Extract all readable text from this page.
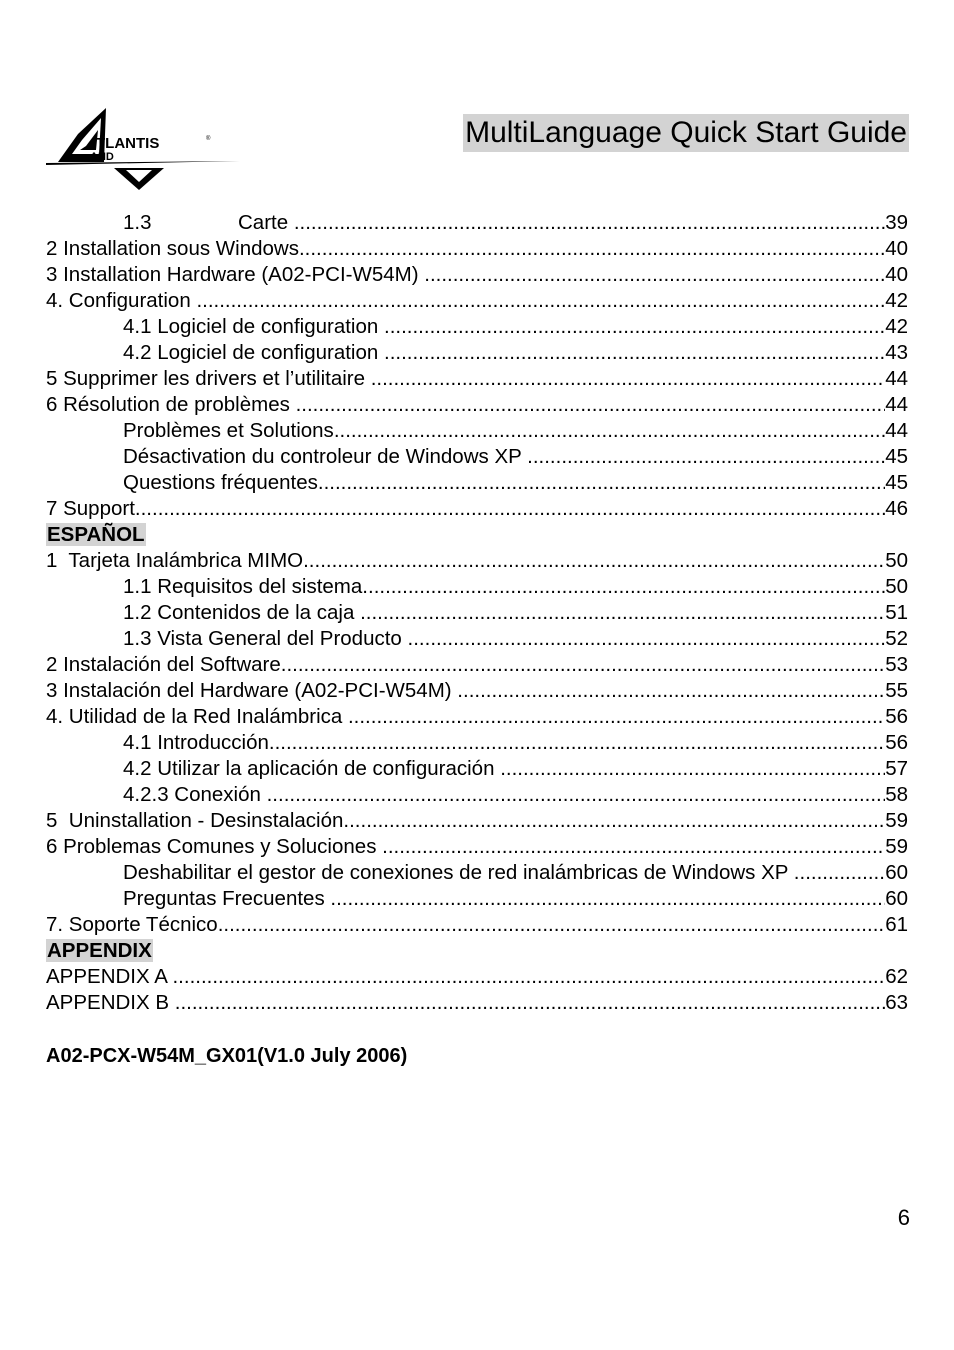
TLANTIS	®
AND
MultiLanguage Quick Start Guide
1.3	Carte .....	39
2 Installation sous Windows .....	40
3 Installation Hardware (A02-PCI-W54M) .....	40
4. Configuration .....	42
4.1 Logiciel de configuration .....	42
4.2 Logiciel de configuration .....	43
5 Supprimer les drivers et l’utilitaire .....	44
6 Résolution de problèmes .....	44
Problèmes et Solutions .....	44
Désactivation du controleur de Windows XP .....	45
Questions fréquentes .....	45
7 Support .....	46
ESPAÑOL
1  Tarjeta Inalámbrica MIMO .....	50
1.1 Requisitos del sistema .....	50
1.2 Contenidos de la caja .....	51
1.3 Vista General del Producto .....	52
2 Instalación del Software .....	53
3 Instalación del Hardware (A02-PCI-W54M) .....	55
4. Utilidad de la Red Inalámbrica .....	56
4.1 Introducción .....	56
4.2 Utilizar la aplicación de configuración .....	57
4.2.3 Conexión .....	58
5  Uninstallation - Desinstalación .....	59
6 Problemas Comunes y Soluciones .....	59
Deshabilitar el gestor de conexiones de red inalámbricas de Windows XP .....	60
Preguntas Frecuentes .....	60
7. Soporte Técnico .....	61
APPENDIX
APPENDIX A .....	62
APPENDIX B .....	63
A02-PCX-W54M_GX01(V1.0 July 2006)
6
